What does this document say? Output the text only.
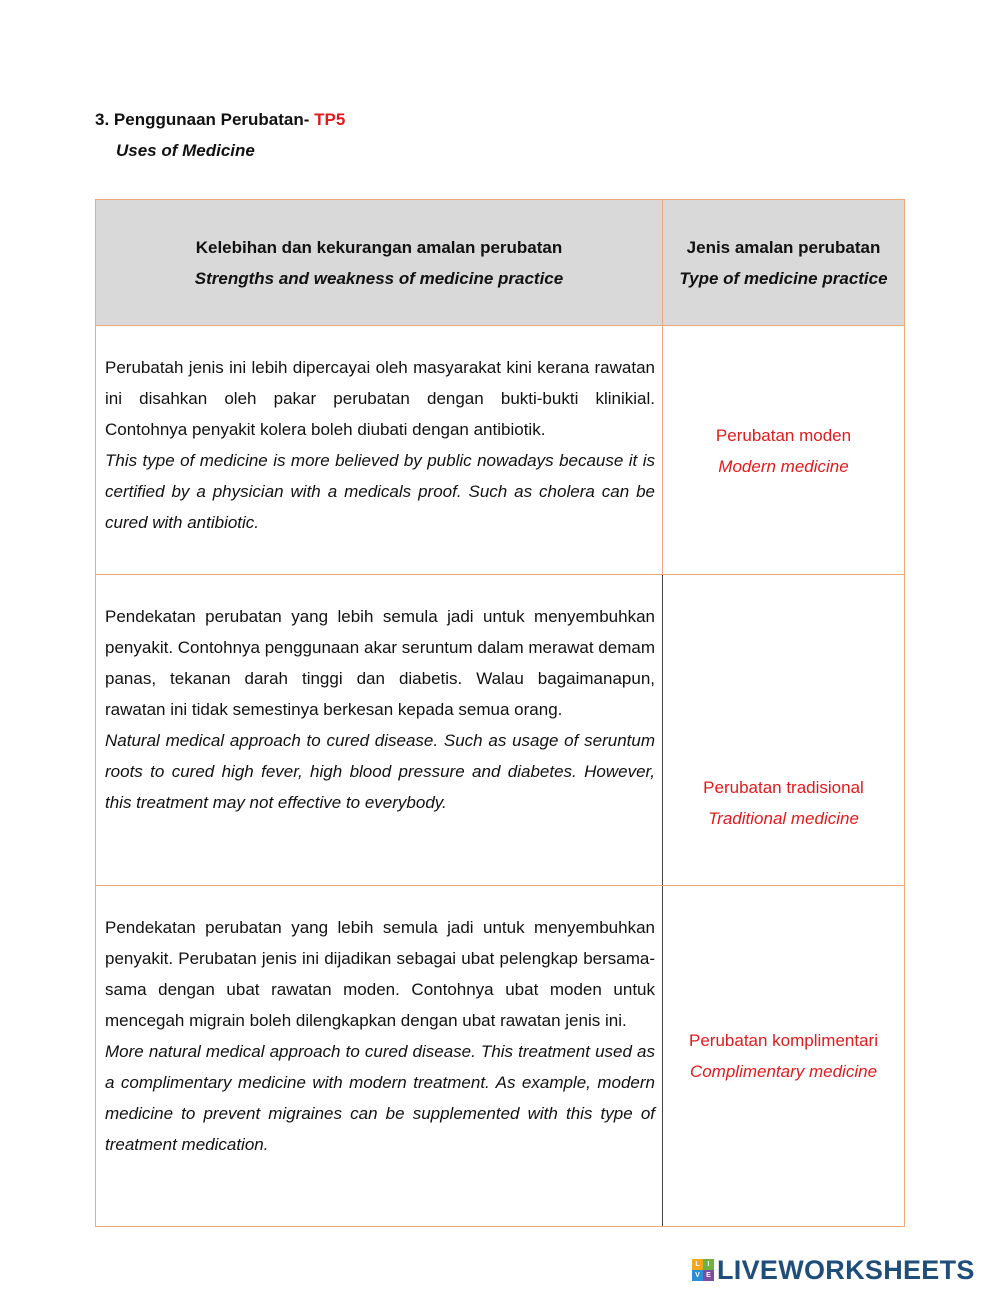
3. Penggunaan Perubatan- TP5
Uses of Medicine
Kelebihan dan kekurangan amalan perubatan
Strengths and weakness of medicine practice
Jenis amalan perubatan
Type of medicine practice

Perubatah jenis ini lebih dipercayai oleh masyarakat kini kerana rawatan ini disahkan oleh pakar perubatan dengan bukti-bukti klinikial. Contohnya penyakit kolera boleh diubati dengan antibiotik.

This type of medicine is more believed by public nowadays because it is certified by a physician with a medicals proof. Such as cholera can be cured with antibiotic.

Perubatan moden
Modern medicine

Pendekatan perubatan yang lebih semula jadi untuk menyembuhkan penyakit. Contohnya penggunaan akar seruntum dalam merawat demam panas, tekanan darah tinggi dan diabetis. Walau bagaimanapun, rawatan ini tidak semestinya berkesan kepada semua orang.

Natural medical approach to cured disease. Such as usage of seruntum roots to cured high fever, high blood pressure and diabetes. However, this treatment may not effective to everybody.

Perubatan tradisional
Traditional medicine

Pendekatan perubatan yang lebih semula jadi untuk menyembuhkan penyakit. Perubatan jenis ini dijadikan sebagai ubat pelengkap bersama-sama dengan ubat rawatan moden. Contohnya ubat moden untuk mencegah migrain boleh dilengkapkan dengan ubat rawatan jenis ini.

More natural medical approach to cured disease. This treatment used as a complimentary medicine with modern treatment. As example, modern medicine to prevent migraines can be supplemented with this type of treatment medication.

Perubatan komplimentari
Complimentary medicine
L	I
V E LIVEWORKSHEETS
